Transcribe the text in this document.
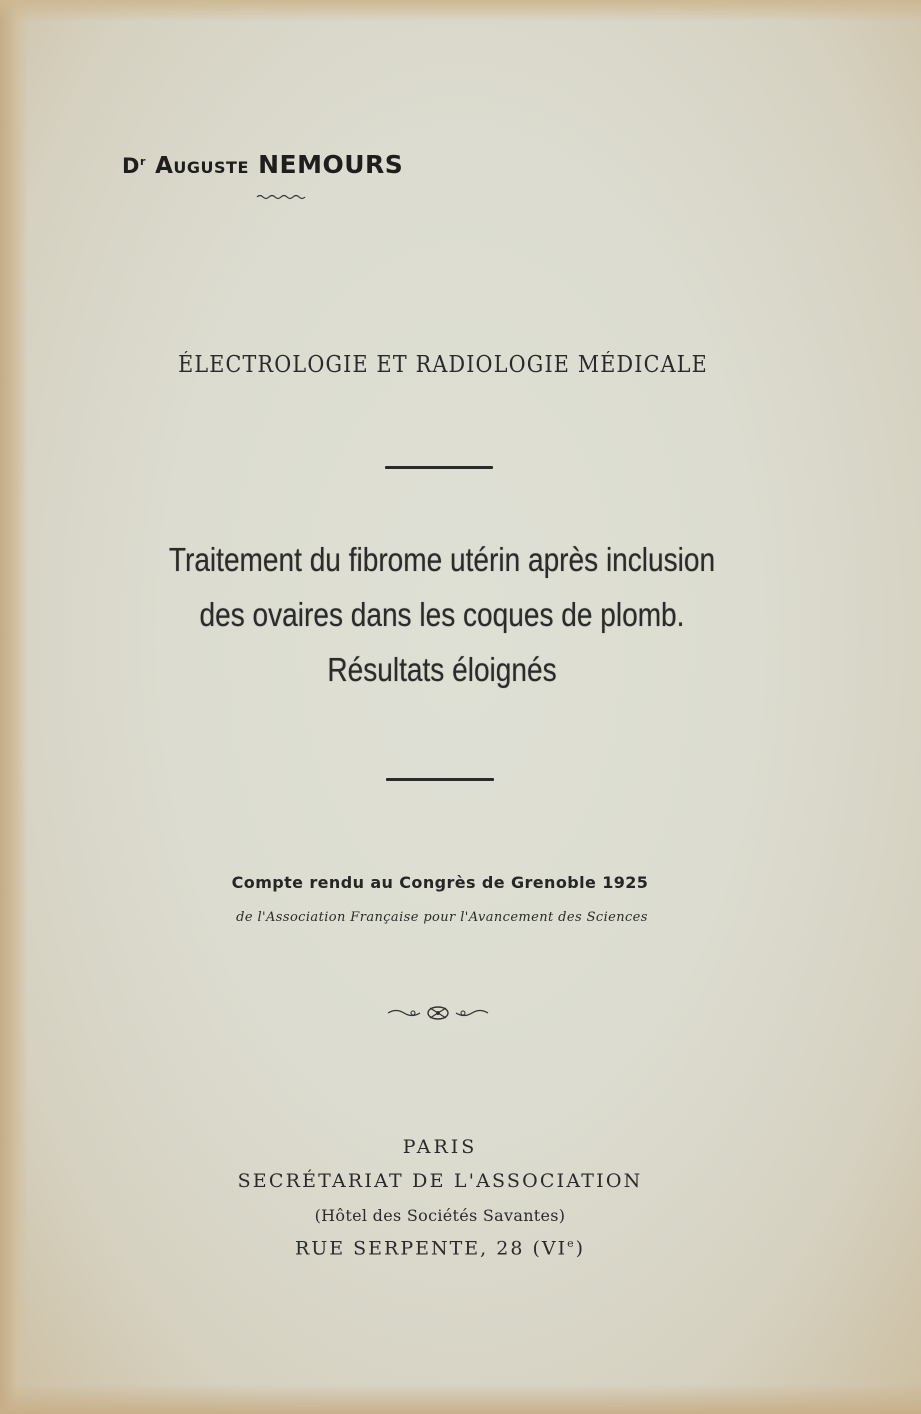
$D^r$ Auguste NEMOURS
ÉLECTROLOGIE ET RADIOLOGIE MÉDICALE
Traitement du fibrome utérin après inclusion
des ovaires dans les coques de plomb.
Résultats éloignés
Compte rendu au Congrès de Grenoble 1925
de l'Association Française pour l'Avancement des Sciences
PARIS
SECRÉTARIAT DE L'ASSOCIATION
(Hôtel des Sociétés Savantes)
RUE SERPENTE, 28 (VIe)
